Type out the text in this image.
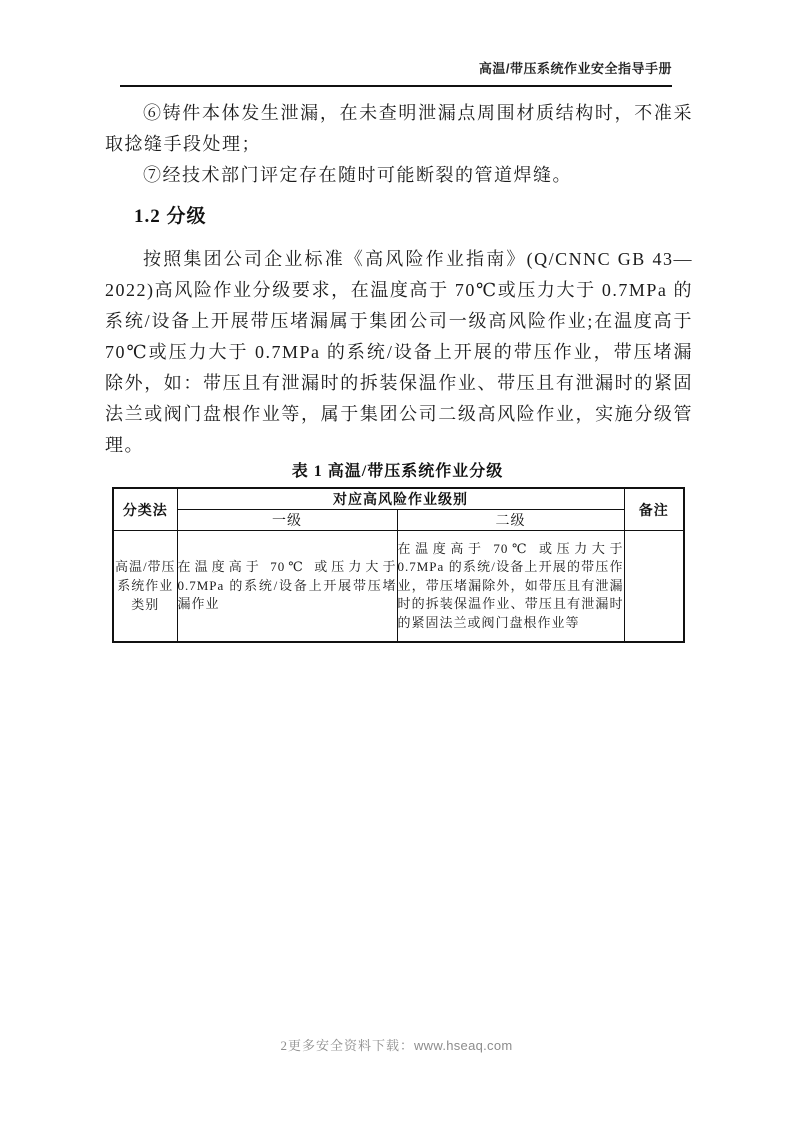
高温/带压系统作业安全指导手册

⑥铸件本体发生泄漏，在未查明泄漏点周围材质结构时，不准采取捻缝手段处理；

⑦经技术部门评定存在随时可能断裂的管道焊缝。

1.2 分级

按照集团公司企业标准《高风险作业指南》(Q/CNNC GB 43—2022)高风险作业分级要求，在温度高于 70℃或压力大于 0.7MPa 的系统/设备上开展带压堵漏属于集团公司一级高风险作业;在温度高于 70℃或压力大于 0.7MPa 的系统/设备上开展的带压作业，带压堵漏除外，如：带压且有泄漏时的拆装保温作业、带压且有泄漏时的紧固法兰或阀门盘根作业等，属于集团公司二级高风险作业，实施分级管理。

表 1 高温/带压系统作业分级
分类法	对应高风险作业级别		备注
	一级	二级	
高温/带压系统作业类别	在温度高于 70℃ 或压力大于 0.7MPa 的系统/设备上开展带压堵漏作业	在温度高于 70℃ 或压力大于 0.7MPa 的系统/设备上开展的带压作业，带压堵漏除外，如带压且有泄漏时的拆装保温作业、带压且有泄漏时的紧固法兰或阀门盘根作业等	
2更多安全资料下载：www.hseaq.com
